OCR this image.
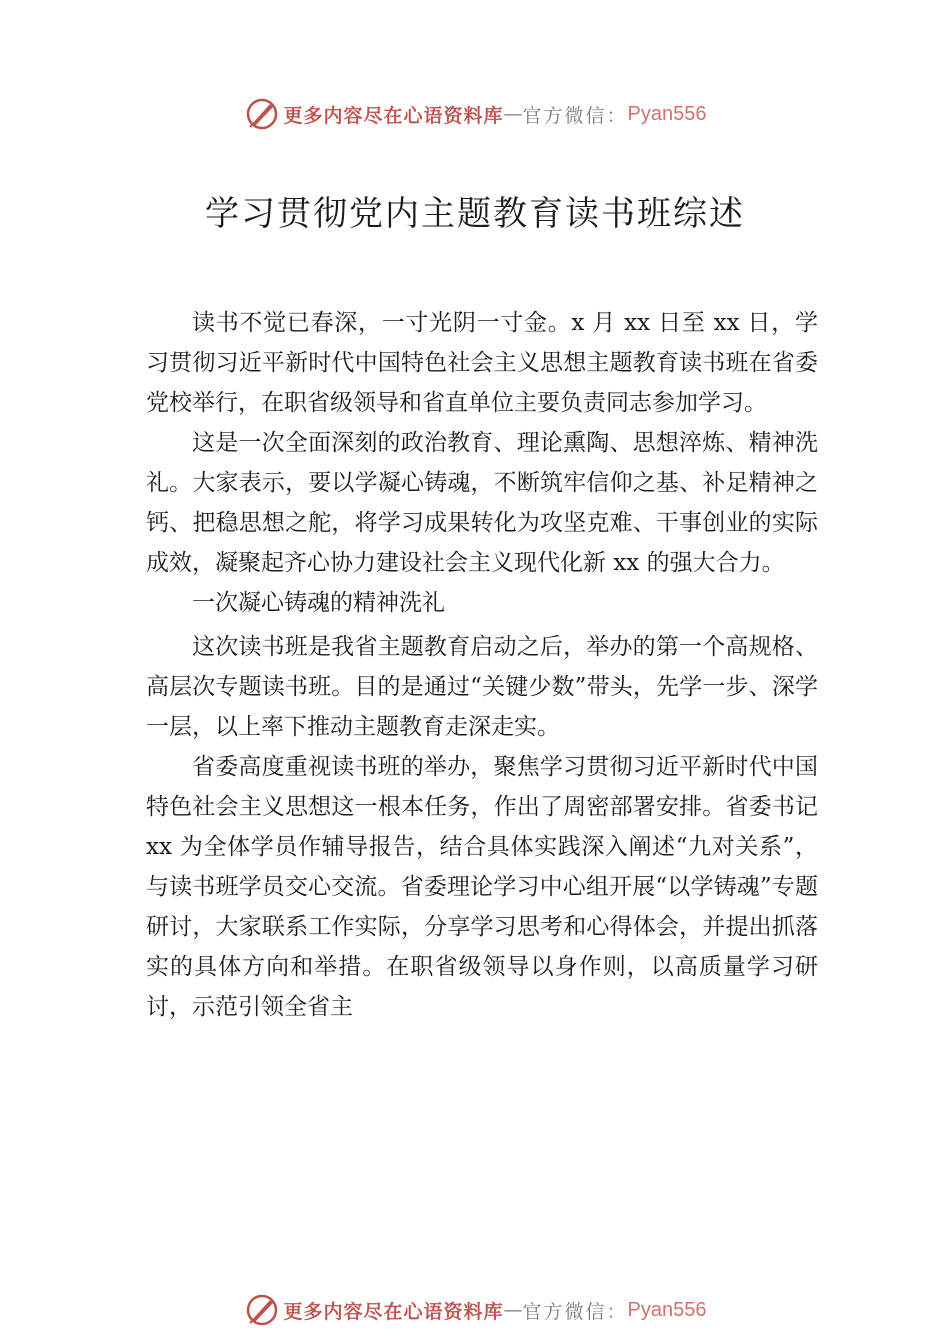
更多内容尽在心语资料库 — 官方微信： Pyan556
学习贯彻党内主题教育读书班综述

读书不觉已春深，一寸光阴一寸金。x 月 xx 日至 xx 日，学习贯彻习近平新时代中国特色社会主义思想主题教育读书班在省委党校举行，在职省级领导和省直单位主要负责同志参加学习。

这是一次全面深刻的政治教育、理论熏陶、思想淬炼、精神洗礼。大家表示，要以学凝心铸魂，不断筑牢信仰之基、补足精神之钙、把稳思想之舵，将学习成果转化为攻坚克难、干事创业的实际成效，凝聚起齐心协力建设社会主义现代化新 xx 的强大合力。

一次凝心铸魂的精神洗礼

这次读书班是我省主题教育启动之后，举办的第一个高规格、高层次专题读书班。目的是通过“关键少数”带头，先学一步、深学一层，以上率下推动主题教育走深走实。

省委高度重视读书班的举办，聚焦学习贯彻习近平新时代中国特色社会主义思想这一根本任务，作出了周密部署安排。省委书记 xx 为全体学员作辅导报告，结合具体实践深入阐述“九对关系”，与读书班学员交心交流。省委理论学习中心组开展“以学铸魂”专题研讨，大家联系工作实际，分享学习思考和心得体会，并提出抓落实的具体方向和举措。在职省级领导以身作则，以高质量学习研讨，示范引领全省主

更多内容尽在心语资料库 — 官方微信： Pyan556
